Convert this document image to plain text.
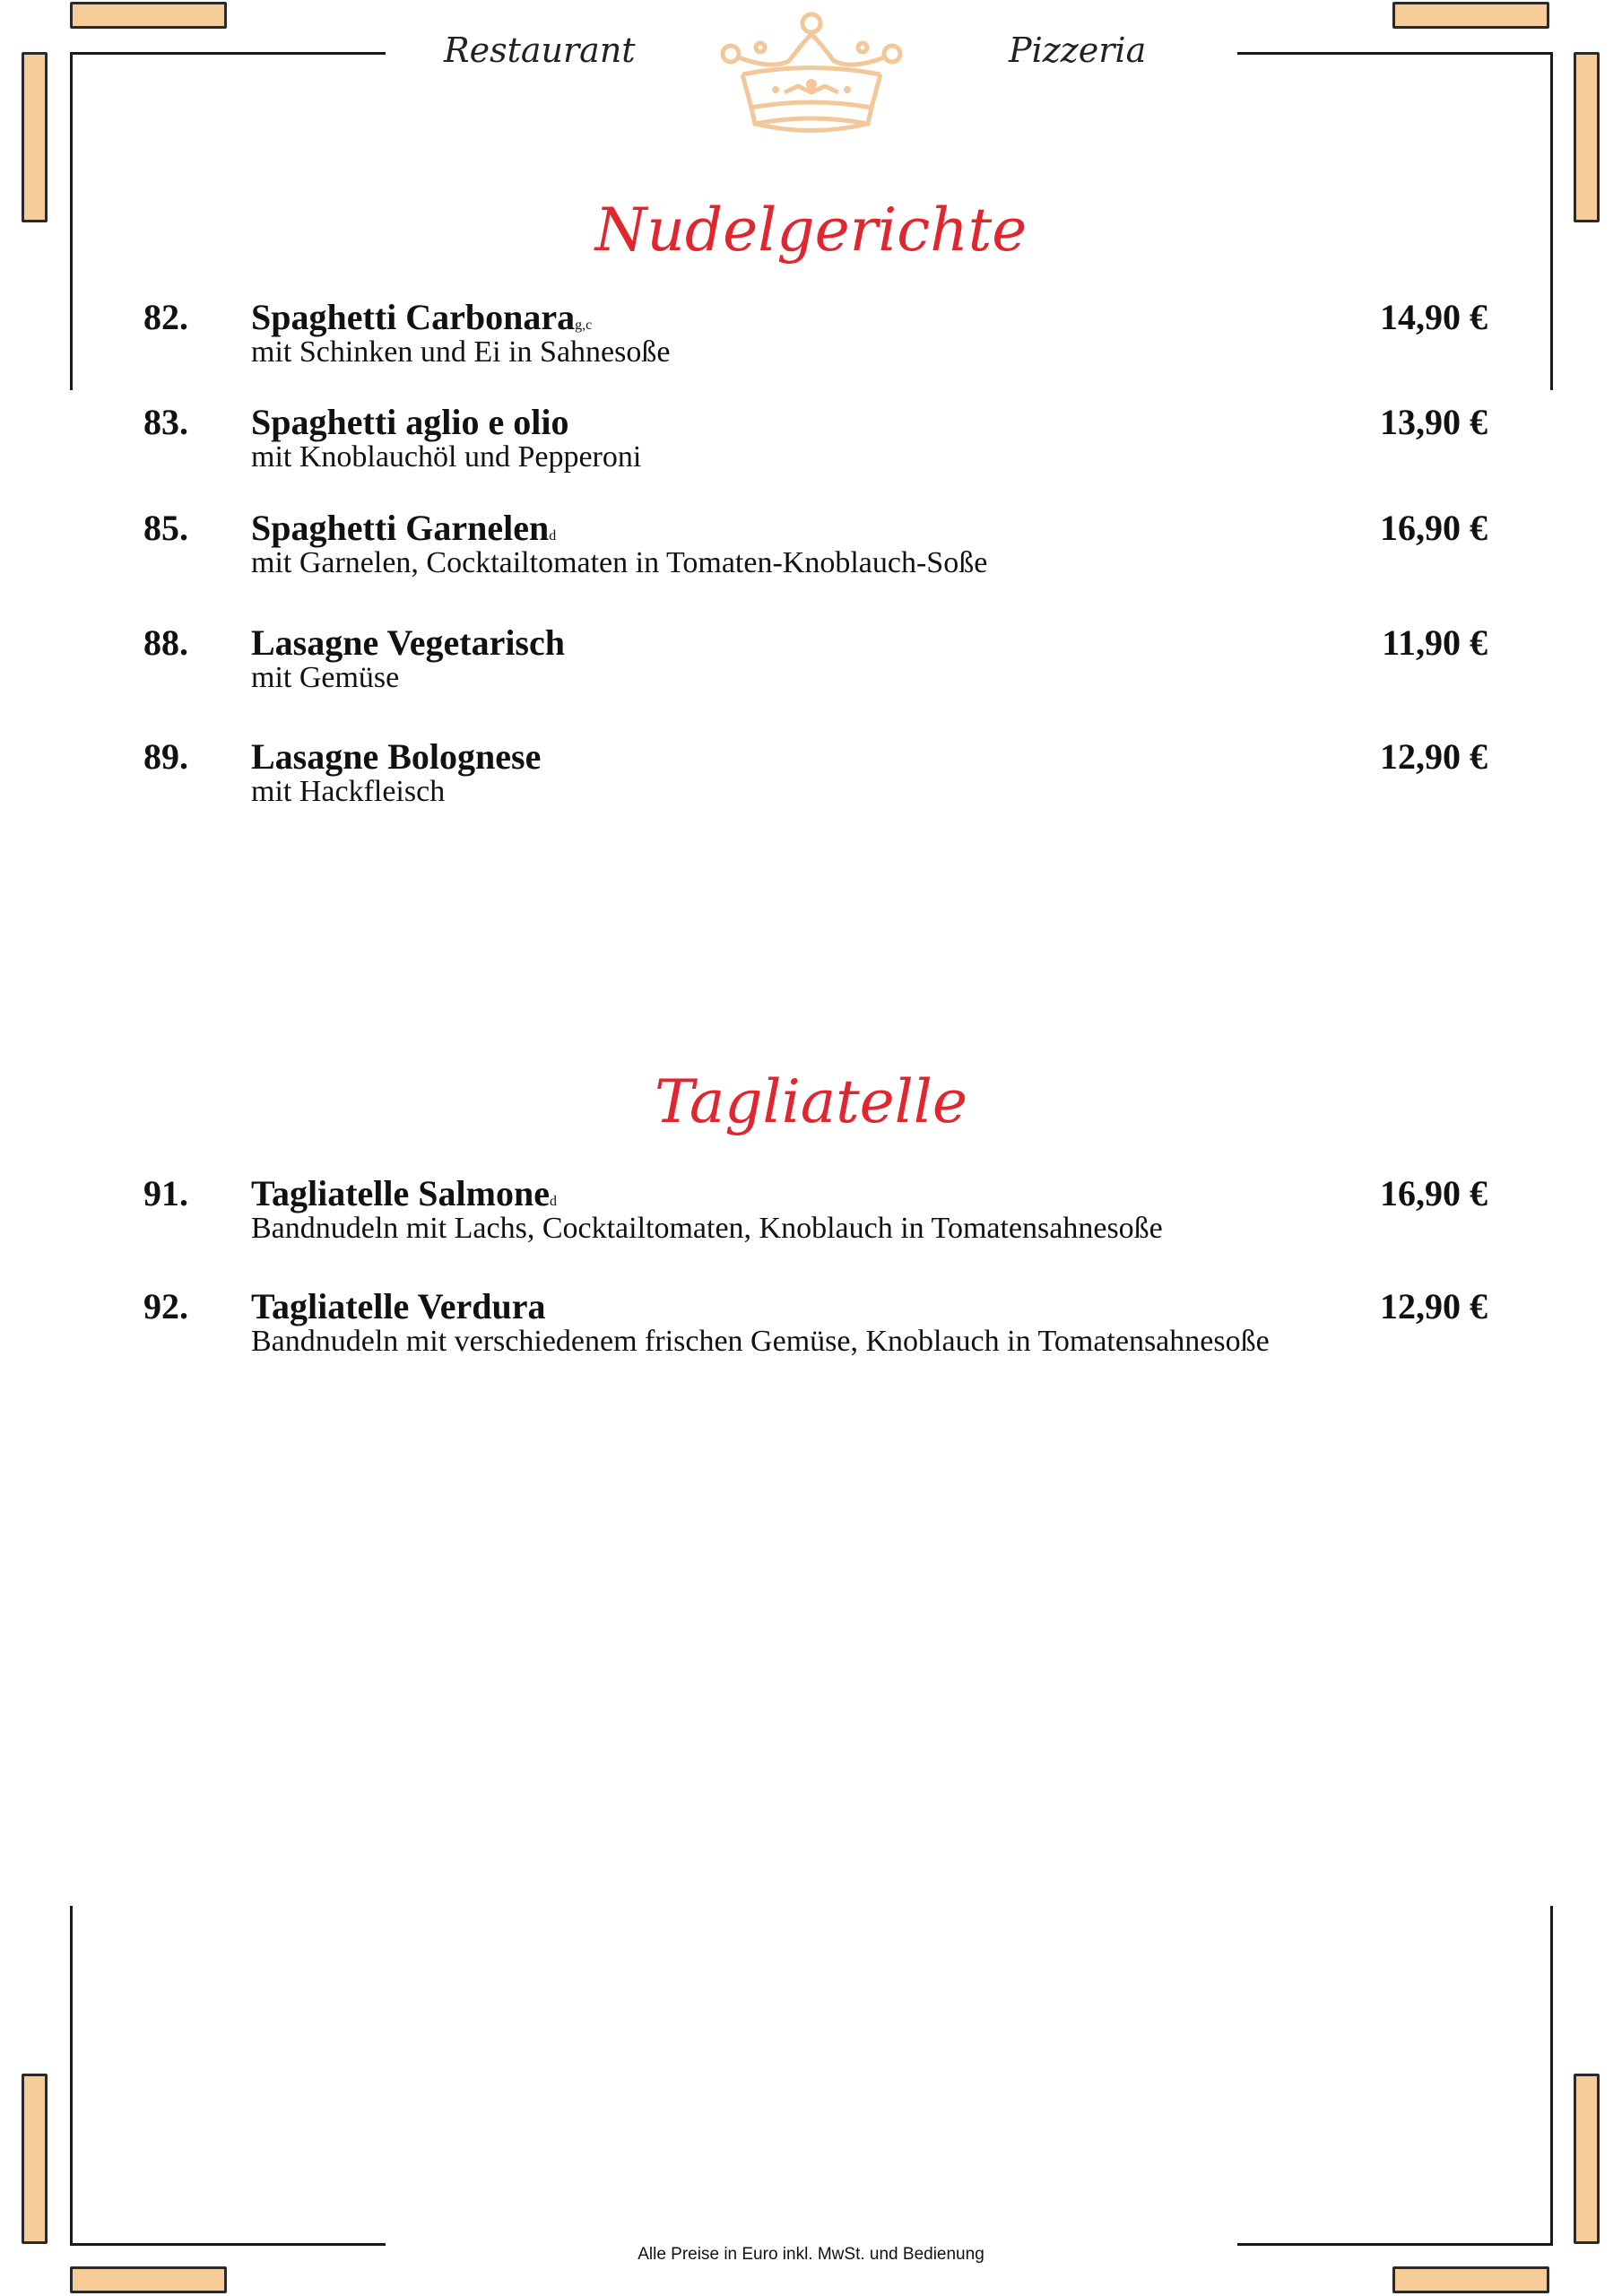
Restaurant	Pizzeria
Nudelgerichte
82. Spaghetti Carbonarag,c	14,90 €
mit Schinken und Ei in Sahnesoße
83. Spaghetti aglio e olio	13,90 €
mit Knoblauchöl und Pepperoni
85. Spaghetti Garnelend	16,90 €
mit Garnelen, Cocktailtomaten in Tomaten-Knoblauch-Soße
88. Lasagne Vegetarisch	11,90 €
mit Gemüse
89. Lasagne Bolognese	12,90 €
mit Hackfleisch
Tagliatelle
91. Tagliatelle Salmoned	16,90 €
Bandnudeln mit Lachs, Cocktailtomaten, Knoblauch in Tomatensahnesoße
92. Tagliatelle Verdura	12,90 €
Bandnudeln mit verschiedenem frischen Gemüse, Knoblauch in Tomatensahnesoße
Alle Preise in Euro inkl. MwSt. und Bedienung
